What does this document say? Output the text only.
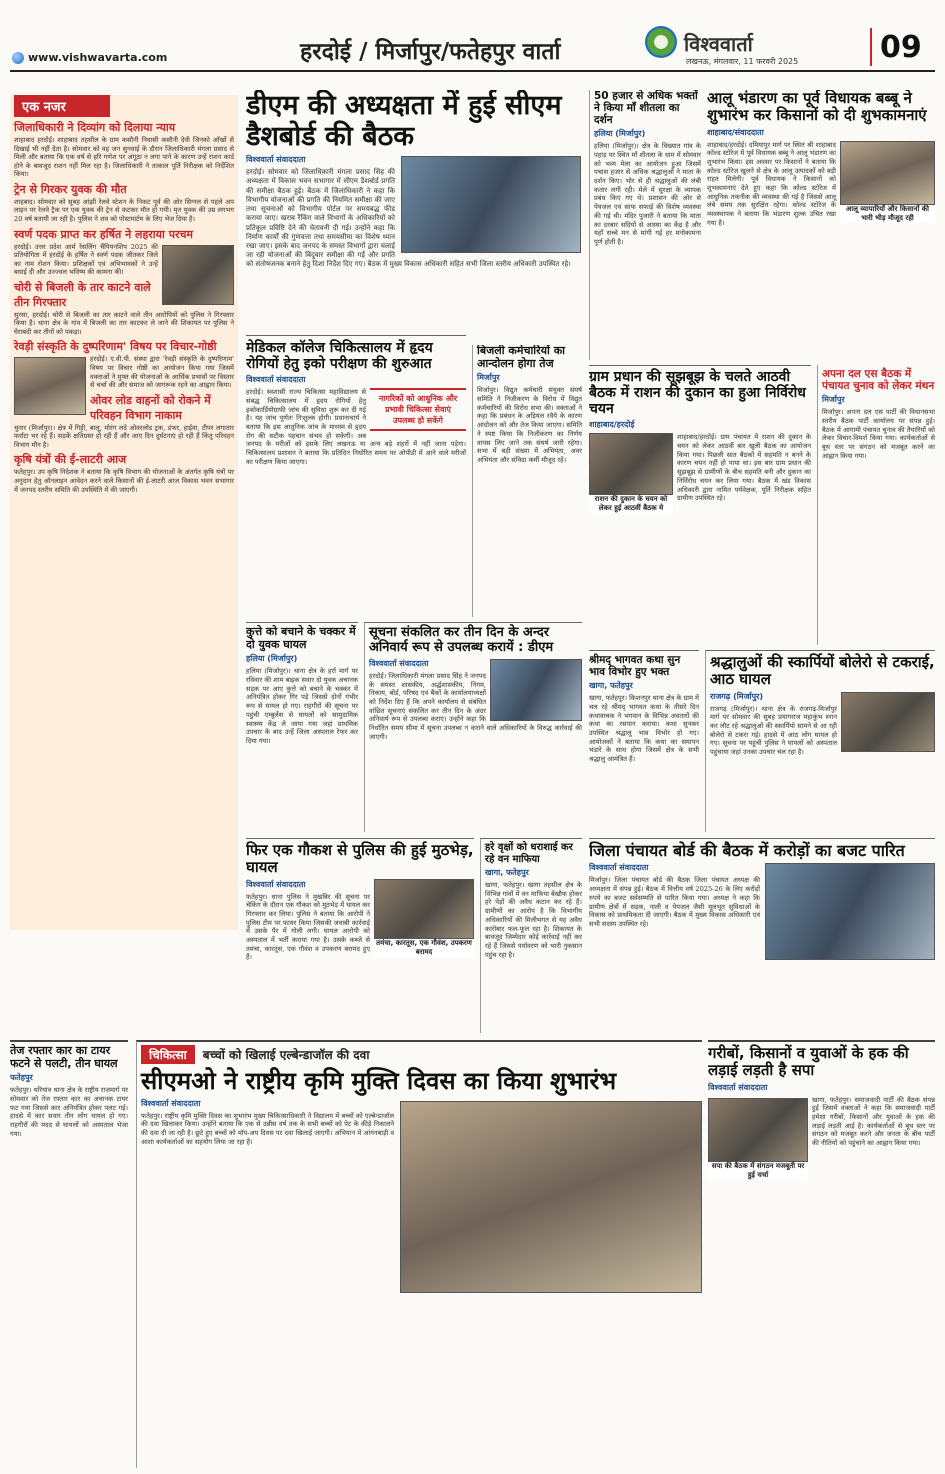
www.vishwavarta.com	हरदोई / मिर्जापुर/फतेहपुर वार्ता	विश्ववार्ता
लखनऊ, मंगलवार, 11 फरवरी 2025	09
एक नजर
जिलाधिकारी ने दिव्यांग को दिलाया न्याय

शाहाबाद हरदोई। शाहाबाद तहसील के ग्राम कसौनी निवासी कसौनी देवी जिनको आँखों से दिखाई भी नहीं देता है। सोमवार को वह जन सुनवाई के दौरान जिलाधिकारी मंगला प्रसाद से मिली और बताया कि एक वर्ष से हरि गणेश पर अंगूठा न लगा पाने के कारण उन्हें राशन कार्ड होने के बावजूद राशन नहीं मिल रहा है। जिलाधिकारी ने तत्काल पूर्ति निरीक्षक को निर्देशित किया।

ट्रेन से गिरकर युवक की मौत

शाहबाद। सोमवार को सुबह आंझी रेलवे स्टेशन के निकट पूर्व की ओर सिग्नल से पहले अप लाइन पर रेलवे ट्रैक पर एक युवक की ट्रेन से कटकर मौत हो गयी। मृत युवक की उम्र लगभग 20 वर्ष बतायी जा रही है। पुलिस ने शव को पोस्टमार्टम के लिए भेज दिया है।

स्वर्ण पदक प्राप्त कर हर्षित ने लहराया परचम

हरदोई। उत्तर प्रदेश आर्म रेसलिंग चैंपियनशिप 2025 की प्रतियोगिता में हरदोई के हर्षित ने स्वर्ण पदक जीतकर जिले का नाम रोशन किया। प्रशिक्षकों एवं अभिभावकों ने उन्हें बधाई दी और उज्ज्वल भविष्य की कामना की।

चोरी से बिजली के तार काटने वाले तीन गिरफ्तार

सुरसा, हरदोई। चोरी से बिजली का तार काटने वाले तीन आरोपियों को पुलिस ने गिरफ्तार किया है। थाना क्षेत्र के गांव में बिजली का तार काटकर ले जाने की शिकायत पर पुलिस ने घेराबंदी कर तीनों को पकड़ा।

रेवड़ी संस्कृति के दुष्परिणाम' विषय पर विचार-गोष्ठी

हरदोई। ए.वी.पी. संस्था द्वारा 'रेवड़ी संस्कृति के दुष्परिणाम' विषय पर विचार गोष्ठी का आयोजन किया गया जिसमें वक्ताओं ने मुफ्त की योजनाओं के आर्थिक प्रभावों पर विस्तार से चर्चा की और समाज को जागरूक रहने का आह्वान किया।

ओवर लोड वाहनों को रोकने में परिवहन विभाग नाकाम

चुनार (मिर्जापुर)। क्षेत्र में गिट्टी, बालू, मोरंग लदे ओवरलोड ट्रक, डंफर, हाईवा, टीपर लगातार फर्राटा भर रहे हैं। सड़कें क्षतिग्रस्त हो रही हैं और आए दिन दुर्घटनाएं हो रही हैं किंतु परिवहन विभाग मौन है।

कृषि यंत्रों की ई-लाटरी आज

फतेहपुर। उप कृषि निदेशक ने बताया कि कृषि विभाग की योजनाओं के अंतर्गत कृषि यंत्रों पर अनुदान हेतु ऑनलाइन आवेदन करने वाले किसानों की ई-लाटरी आज विकास भवन सभागार में जनपद स्तरीय समिति की उपस्थिति में की जाएगी।

डीएम की अध्यक्षता में हुई सीएम डैशबोर्ड की बैठक
विश्ववार्ता संवाददाता

हरदोई। सोमवार को जिलाधिकारी मंगला प्रसाद सिंह की अध्यक्षता में विकास भवन सभागार में सीएम डैशबोर्ड प्रगति की समीक्षा बैठक हुई। बैठक में जिलाधिकारी ने कहा कि विभागीय योजनाओं की प्रगति की नियमित समीक्षा की जाए तथा सूचनाओं को विभागीय पोर्टल पर समयबद्ध फीड कराया जाए। खराब रैंकिंग वाले विभागों के अधिकारियों को प्रतिकूल प्रविष्टि देने की चेतावनी दी गई। उन्होंने कहा कि निर्माण कार्यों की गुणवत्ता तथा समयसीमा का विशेष ध्यान रखा जाए। इसके बाद जनपद के समस्त विभागों द्वारा चलाई जा रही योजनाओं की बिंदुवार समीक्षा की गई और प्रगति को संतोषजनक बनाने हेतु दिशा निर्देश दिए गए। बैठक में मुख्य विकास अधिकारी सहित सभी जिला स्तरीय अधिकारी उपस्थित रहे।

50 हजार से अधिक भक्तों ने किया माँ शीतला का दर्शन
हलिया (मिर्जापुर)

हलिया (मिर्जापुर)। क्षेत्र के विख्यात गांव के पहाड़ पर स्थित माँ शीतला के धाम में सोमवार को भव्य मेला का आयोजन हुआ जिसमें पचास हजार से अधिक श्रद्धालुओं ने माता के दर्शन किए। भोर से ही श्रद्धालुओं की लंबी कतार लगी रही। मेले में सुरक्षा के व्यापक प्रबंध किए गए थे। प्रशासन की ओर से पेयजल एवं साफ सफाई की विशेष व्यवस्था की गई थी। मंदिर पुजारी ने बताया कि माता का दरबार सदियों से आस्था का केंद्र है और यहाँ सच्चे मन से मांगी गई हर मनोकामना पूर्ण होती है।

आलू भंडारण का पूर्व विधायक बब्बू ने शुभारंभ कर किसानों को दी शुभकामनाएं
शाहाबाद/संवाददाता
आलू व्यापारियों और किसानों की भारी भीड़ मौजूद रही

शाहाबाद/हरदोई। दमियापुर मार्ग पर स्थित श्री शाहाबाद कोल्ड स्टोरेज में पूर्व विधायक बब्बू ने आलू भंडारण का शुभारंभ किया। इस अवसर पर किसानों ने बताया कि कोल्ड स्टोरेज खुलने से क्षेत्र के आलू उत्पादकों को बड़ी राहत मिलेगी। पूर्व विधायक ने किसानों को शुभकामनाएं देते हुए कहा कि कोल्ड स्टोरेज में आधुनिक तकनीक की व्यवस्था की गई है जिससे आलू लंबे समय तक सुरक्षित रहेगा। कोल्ड स्टोरेज के व्यवस्थापक ने बताया कि भंडारण शुल्क उचित रखा गया है।

मेडिकल कॉलेज चिकित्सालय में हृदय रोगियों हेतु इको परीक्षण की शुरुआत
विश्ववार्ता संवाददाता
नागरिकों को आधुनिक और प्रभावी चिकित्सा सेवाएं उपलब्ध हो सकेंगे

हरदोई। स्वशासी राज्य चिकित्सा महाविद्यालय से संबद्ध चिकित्सालय में हृदय रोगियों हेतु इकोकार्डियोग्राफी जांच की सुविधा शुरू कर दी गई है। यह जांच पूर्णतः निःशुल्क होगी। प्रधानाचार्य ने बताया कि इस आधुनिक जांच के माध्यम से हृदय रोग की सटीक पहचान संभव हो सकेगी। अब जनपद के मरीजों को इसके लिए लखनऊ या अन्य बड़े शहरों में नहीं जाना पड़ेगा। चिकित्सालय प्रशासन ने बताया कि प्रतिदिन निर्धारित समय पर ओपीडी में आने वाले मरीजों का परीक्षण किया जाएगा।

बिजली कर्मचारियों का आन्दोलन होगा तेज
मिर्जापुर

मिर्जापुर। विद्युत कर्मचारी संयुक्त संघर्ष समिति ने निजीकरण के विरोध में विद्युत कर्मचारियों की विरोध सभा की। वक्ताओं ने कहा कि प्रबंधन के अड़ियल रवैये के कारण आंदोलन को और तेज किया जाएगा। समिति ने स्पष्ट किया कि निजीकरण का निर्णय वापस लिए जाने तक संघर्ष जारी रहेगा। सभा में बड़ी संख्या में अभियंता, अवर अभियंता और संविदा कर्मी मौजूद रहे।

ग्राम प्रधान की सूझबूझ के चलते आठवी बैठक में राशन की दुकान का हुआ निर्विरोध चयन
शाहाबाद/हरदोई
राशन की दुकान के चयन को लेकर हुई आठवीं बैठक मे

शाहाबाद/हरदोई। ग्राम पंचायत में राशन की दुकान के चयन को लेकर आठवीं बार खुली बैठक का आयोजन किया गया। पिछली सात बैठकों में सहमति न बनने के कारण चयन नहीं हो पाया था। इस बार ग्राम प्रधान की सूझबूझ से ग्रामीणों के बीच सहमति बनी और दुकान का निर्विरोध चयन कर लिया गया। बैठक में खंड विकास अधिकारी द्वारा नामित पर्यवेक्षक, पूर्ति निरीक्षक सहित ग्रामीण उपस्थित रहे।

अपना दल एस बैठक में पंचायत चुनाव को लेकर मंथन
मिर्जापुर

मिर्जापुर। अपना दल एस पार्टी की विधानसभा स्तरीय बैठक पार्टी कार्यालय पर संपन्न हुई। बैठक में आगामी पंचायत चुनाव की तैयारियों को लेकर विचार-विमर्श किया गया। कार्यकर्ताओं से बूथ स्तर पर संगठन को मजबूत करने का आह्वान किया गया।

कुत्ते को बचाने के चक्कर में दो युवक घायल
हलिया (मिर्जापुर)

हलिया (मिर्जापुर)। थाना क्षेत्र के हर्रा मार्ग पर रविवार की शाम बाइक सवार दो युवक अचानक सड़क पर आए कुत्ते को बचाने के चक्कर में अनियंत्रित होकर गिर पड़े जिससे दोनों गंभीर रूप से घायल हो गए। राहगीरों की सूचना पर पहुंची एम्बुलेंस से घायलों को सामुदायिक स्वास्थ्य केंद्र ले जाया गया जहां प्राथमिक उपचार के बाद उन्हें जिला अस्पताल रेफर कर दिया गया।

सूचना संकलित कर तीन दिन के अन्दर अनिवार्य रूप से उपलब्ध करायें : डीएम
विश्ववार्ता संवाददाता

हरदोई। जिलाधिकारी मंगला प्रसाद सिंह ने जनपद के समस्त शासकीय, अर्द्धशासकीय, निगम, निकाय, बोर्ड, परिषद एवं बैंकों के कार्यालयाध्यक्षों को निर्देश दिए हैं कि अपने कार्यालय से संबंधित वांछित सूचनाएं संकलित कर तीन दिन के अंदर अनिवार्य रूप से उपलब्ध कराएं। उन्होंने कहा कि निर्धारित समय सीमा में सूचना उपलब्ध न कराने वाले अधिकारियों के विरुद्ध कार्रवाई की जाएगी।

श्रीमद् भागवत कथा सुन भाव विभोर हुए भक्त
खागा, फतेहपुर

खागा, फतेहपुर। किशनपुर थाना क्षेत्र के ग्राम में चल रहे श्रीमद् भागवत कथा के तीसरे दिन कथावाचक ने भगवान के विभिन्न अवतारों की कथा का रसपान कराया। कथा सुनकर उपस्थित श्रद्धालु भाव विभोर हो गए। आयोजकों ने बताया कि कथा का समापन भंडारे के साथ होगा जिसमें क्षेत्र के सभी श्रद्धालु आमंत्रित हैं।

श्रद्धालुओं की स्कार्पियों बोलेरो से टकराई, आठ घायल
राजगढ़ (मिर्जापुर)

राजगढ़ (मिर्जापुर)। थाना क्षेत्र के राजगढ़-मिर्जापुर मार्ग पर सोमवार की सुबह प्रयागराज महाकुंभ स्नान कर लौट रहे श्रद्धालुओं की स्कार्पियो सामने से आ रही बोलेरो से टकरा गई। हादसे में आठ लोग घायल हो गए। सूचना पर पहुंची पुलिस ने घायलों को अस्पताल पहुंचाया जहां उनका उपचार चल रहा है।

फिर एक गौकश से पुलिस की हुई मुठभेड़, घायल
तमंचा, कारतूस, एक गौवंश, उपकरण बरामद
विश्ववार्ता संवाददाता

फतेहपुर। थाना पुलिस ने मुखबिर की सूचना पर चेकिंग के दौरान एक गौकश को मुठभेड़ में घायल कर गिरफ्तार कर लिया। पुलिस ने बताया कि आरोपी ने पुलिस टीम पर फायर किया जिसकी जवाबी कार्रवाई में उसके पैर में गोली लगी। घायल आरोपी को अस्पताल में भर्ती कराया गया है। उसके कब्जे से तमंचा, कारतूस, एक गौवंश व उपकरण बरामद हुए हैं।

हरे वृक्षों को धराशाई कर रहे वन माफिया
खागा, फतेहपुर

खागा, फतेहपुर। खागा तहसील क्षेत्र के विभिन्न गांवों में वन माफिया बेखौफ होकर हरे पेड़ों की अवैध कटान कर रहे हैं। ग्रामीणों का आरोप है कि विभागीय अधिकारियों की मिलीभगत से यह अवैध कारोबार फल-फूल रहा है। शिकायत के बावजूद जिम्मेदार कोई कार्रवाई नहीं कर रहे हैं जिससे पर्यावरण को भारी नुकसान पहुंच रहा है।

जिला पंचायत बोर्ड की बैठक में करोड़ों का बजट पारित
विश्ववार्ता संवाददाता

मिर्जापुर। जिला पंचायत बोर्ड की बैठक जिला पंचायत अध्यक्ष की अध्यक्षता में संपन्न हुई। बैठक में वित्तीय वर्ष 2025-26 के लिए करोड़ों रुपये का बजट सर्वसम्मति से पारित किया गया। अध्यक्ष ने कहा कि ग्रामीण क्षेत्रों में सड़क, नाली व पेयजल जैसी मूलभूत सुविधाओं के विकास को प्राथमिकता दी जाएगी। बैठक में मुख्य विकास अधिकारी एवं सभी सदस्य उपस्थित रहे।

तेज रफ्तार कार का टायर फटने से पलटी, तीन घायल
फतेहपुर

फतेहपुर। थरियांव थाना क्षेत्र के राष्ट्रीय राजमार्ग पर सोमवार को तेज रफ्तार कार का अचानक टायर फट गया जिससे कार अनियंत्रित होकर पलट गई। हादसे में कार सवार तीन लोग घायल हो गए। राहगीरों की मदद से घायलों को अस्पताल भेजा गया।

चिकित्सा	बच्चों को खिलाई एल्बेन्डाजॉल की दवा
सीएमओ ने राष्ट्रीय कृमि मुक्ति दिवस का किया शुभारंभ
विश्ववार्ता संवाददाता

फतेहपुर। राष्ट्रीय कृमि मुक्ति दिवस का शुभारंभ मुख्य चिकित्साधिकारी ने विद्यालय में बच्चों को एल्बेन्डाजॉल की दवा खिलाकर किया। उन्होंने बताया कि एक से उन्नीस वर्ष तक के सभी बच्चों को पेट के कीड़े निकालने की दवा दी जा रही है। छूटे हुए बच्चों को मॉप-अप दिवस पर दवा खिलाई जाएगी। अभियान में आंगनबाड़ी व आशा कार्यकर्ताओं का सहयोग लिया जा रहा है।

गरीबों, किसानों व युवाओं के हक की लड़ाई लड़ती है सपा
विश्ववार्ता संवाददाता
सपा की बैठक में संगठन मजबूती पर हुई चर्चा

खागा, फतेहपुर। समाजवादी पार्टी की बैठक संपन्न हुई जिसमें वक्ताओं ने कहा कि समाजवादी पार्टी हमेशा गरीबों, किसानों और युवाओं के हक की लड़ाई लड़ती आई है। कार्यकर्ताओं से बूथ स्तर पर संगठन को मजबूत करने और जनता के बीच पार्टी की नीतियों को पहुंचाने का आह्वान किया गया।
